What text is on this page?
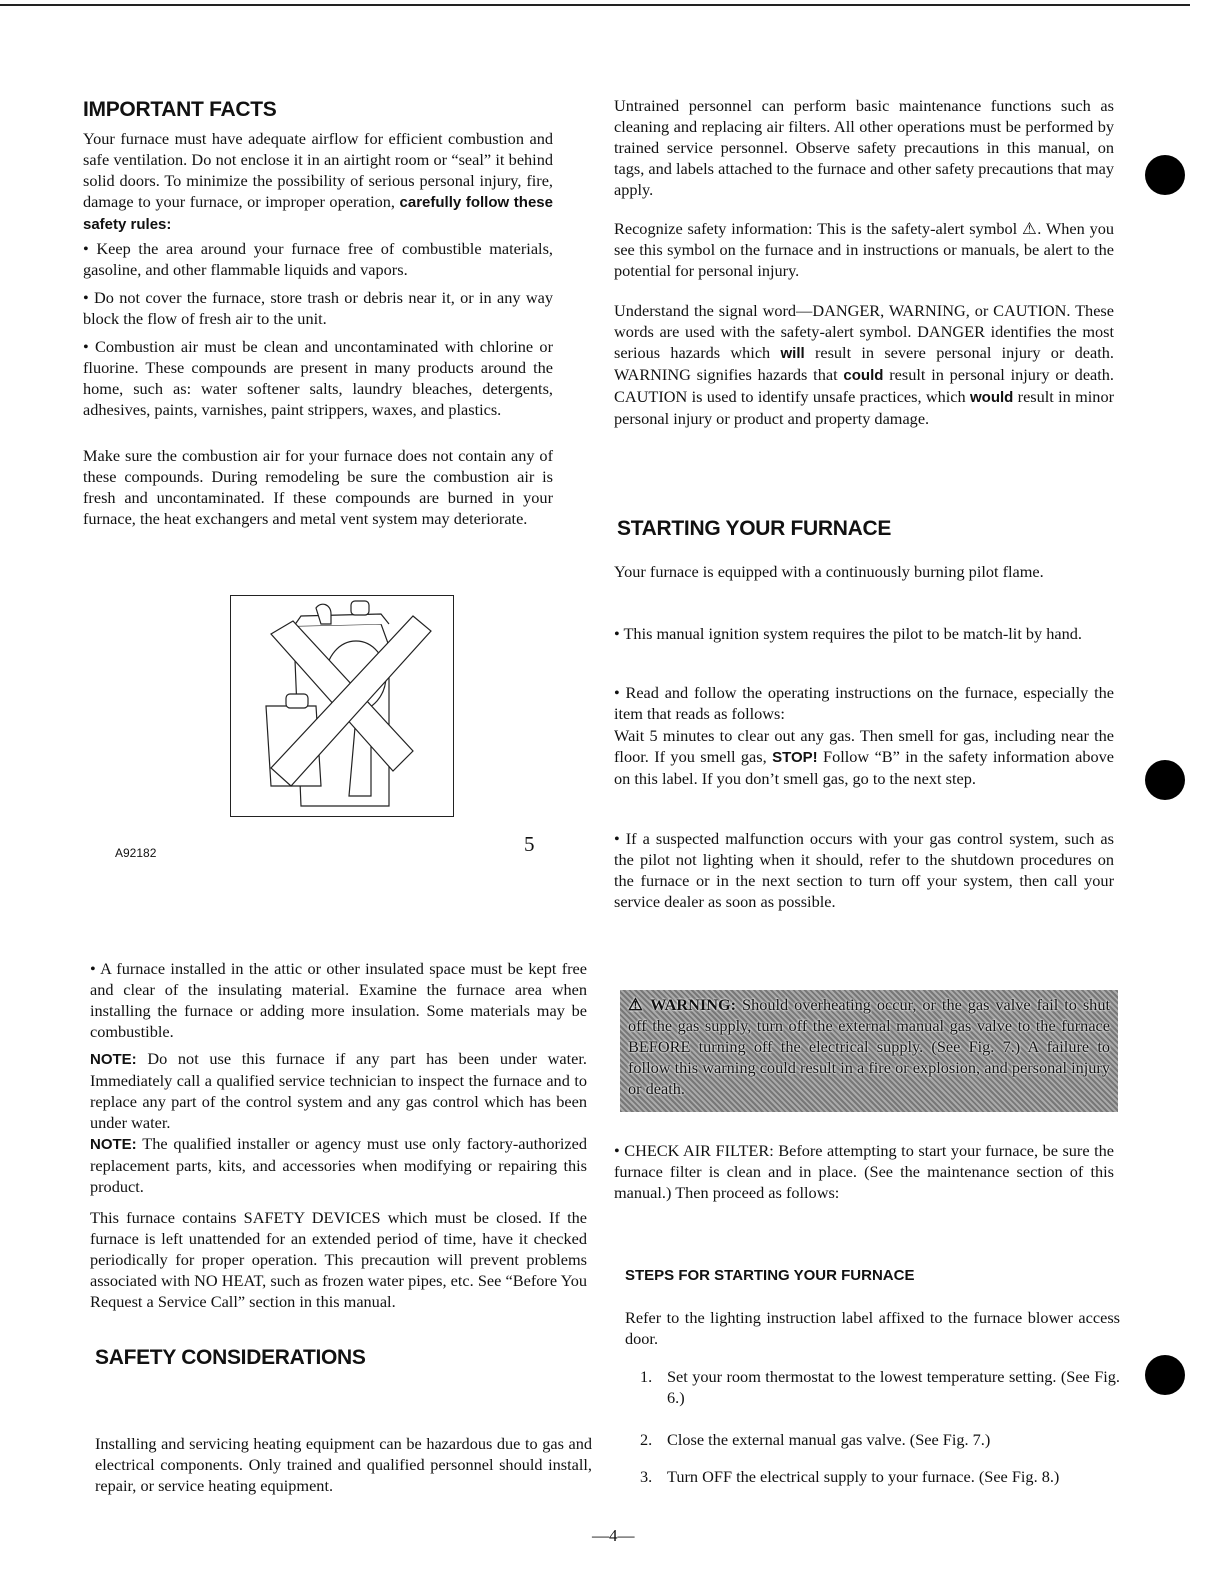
IMPORTANT FACTS

Your furnace must have adequate airflow for efficient combustion and safe ventilation. Do not enclose it in an airtight room or “seal” it behind solid doors. To minimize the possibility of serious personal injury, fire, damage to your furnace, or improper operation, carefully follow these safety rules:

• Keep the area around your furnace free of combustible materials, gasoline, and other flammable liquids and vapors.

• Do not cover the furnace, store trash or debris near it, or in any way block the flow of fresh air to the unit.

• Combustion air must be clean and uncontaminated with chlorine or fluorine. These compounds are present in many products around the home, such as: water softener salts, laundry bleaches, detergents, adhesives, paints, varnishes, paint strippers, waxes, and plastics.

Make sure the combustion air for your furnace does not contain any of these compounds. During remodeling be sure the combustion air is fresh and uncontaminated. If these compounds are burned in your furnace, the heat exchangers and metal vent system may deteriorate.

A92182	5

• A furnace installed in the attic or other insulated space must be kept free and clear of the insulating material. Examine the furnace area when installing the furnace or adding more insulation. Some materials may be combustible.

NOTE: Do not use this furnace if any part has been under water. Immediately call a qualified service technician to inspect the furnace and to replace any part of the control system and any gas control which has been under water.

NOTE: The qualified installer or agency must use only factory-authorized replacement parts, kits, and accessories when modifying or repairing this product.

This furnace contains SAFETY DEVICES which must be closed. If the furnace is left unattended for an extended period of time, have it checked periodically for proper operation. This precaution will prevent problems associated with NO HEAT, such as frozen water pipes, etc. See “Before You Request a Service Call” section in this manual.

SAFETY CONSIDERATIONS

Installing and servicing heating equipment can be hazardous due to gas and electrical components. Only trained and qualified personnel should install, repair, or service heating equipment.

Untrained personnel can perform basic maintenance functions such as cleaning and replacing air filters. All other operations must be performed by trained service personnel. Observe safety precautions in this manual, on tags, and labels attached to the furnace and other safety precautions that may apply.

Recognize safety information: This is the safety-alert symbol ⚠. When you see this symbol on the furnace and in instructions or manuals, be alert to the potential for personal injury.

Understand the signal word—DANGER, WARNING, or CAUTION. These words are used with the safety-alert symbol. DANGER identifies the most serious hazards which will result in severe personal injury or death. WARNING signifies hazards that could result in personal injury or death. CAUTION is used to identify unsafe practices, which would result in minor personal injury or product and property damage.

STARTING YOUR FURNACE

Your furnace is equipped with a continuously burning pilot flame.

• This manual ignition system requires the pilot to be match-lit by hand.

• Read and follow the operating instructions on the furnace, especially the item that reads as follows:

Wait 5 minutes to clear out any gas. Then smell for gas, including near the floor. If you smell gas, STOP! Follow “B” in the safety information above on this label. If you don’t smell gas, go to the next step.

• If a suspected malfunction occurs with your gas control system, such as the pilot not lighting when it should, refer to the shutdown procedures on the furnace or in the next section to turn off your system, then call your service dealer as soon as possible.

⚠ WARNING: Should overheating occur, or the gas valve fail to shut off the gas supply, turn off the external manual gas valve to the furnace BEFORE turning off the electrical supply. (See Fig. 7.) A failure to follow this warning could result in a fire or explosion, and personal injury or death.

• CHECK AIR FILTER: Before attempting to start your furnace, be sure the furnace filter is clean and in place. (See the maintenance section of this manual.) Then proceed as follows:

STEPS FOR STARTING YOUR FURNACE

Refer to the lighting instruction label affixed to the furnace blower access door.

1. Set your room thermostat to the lowest temperature setting. (See Fig. 6.)
2. Close the external manual gas valve. (See Fig. 7.)
3. Turn OFF the electrical supply to your furnace. (See Fig. 8.)
—4—
